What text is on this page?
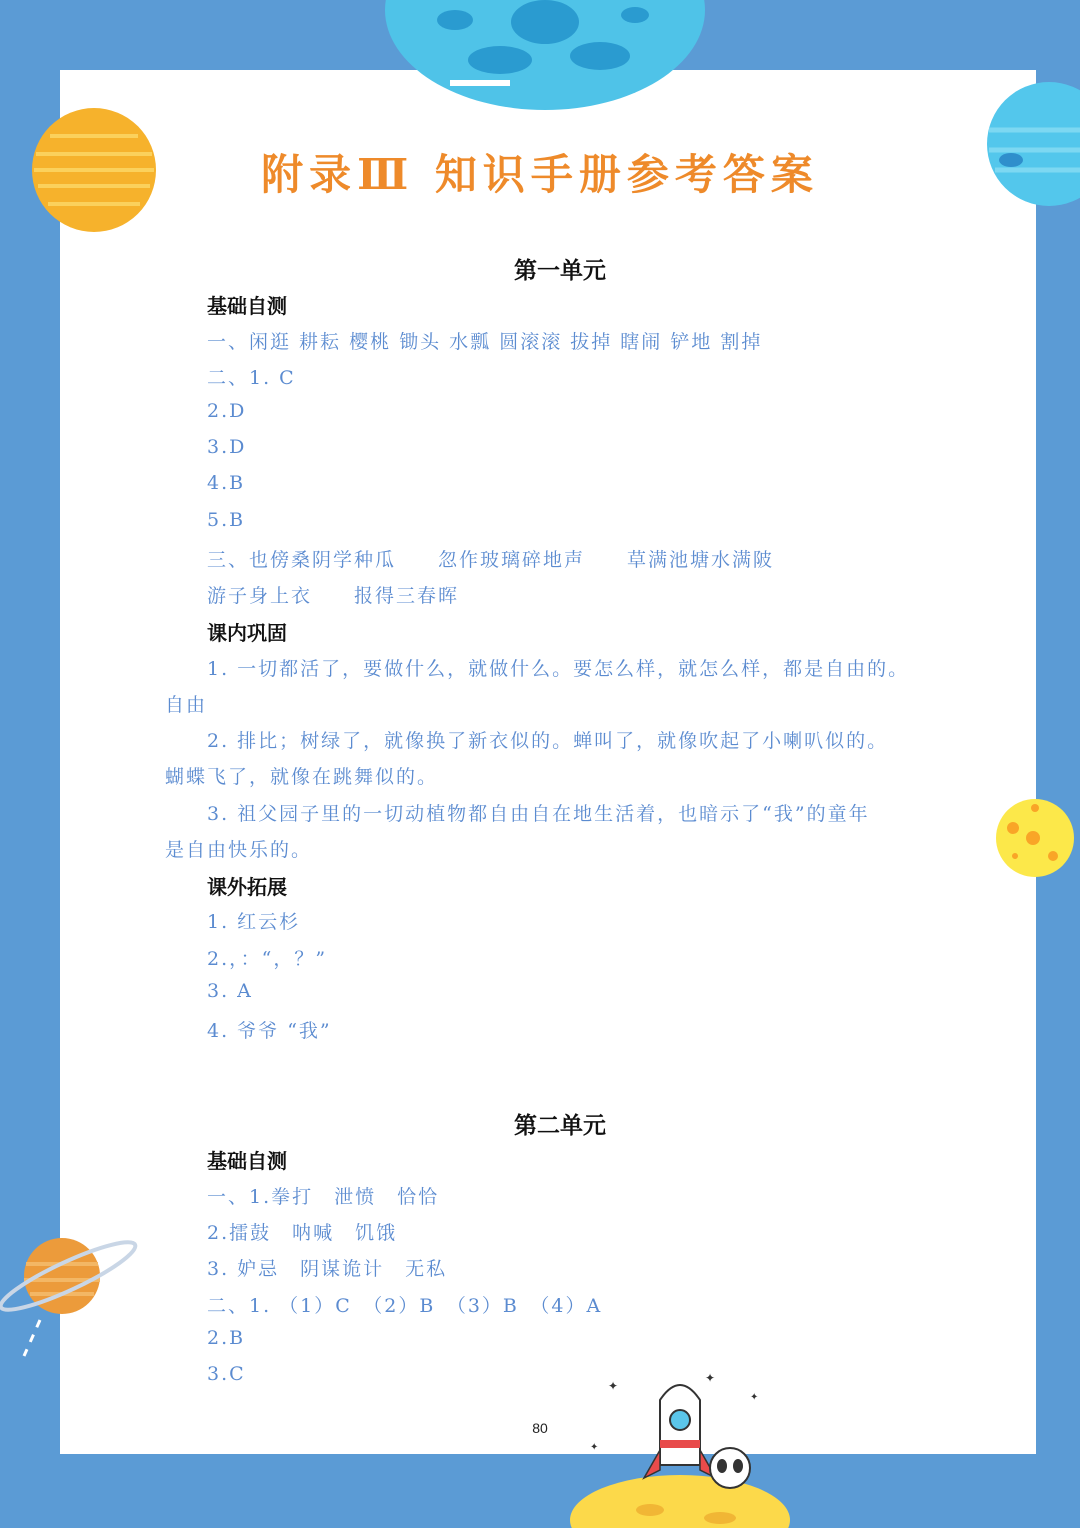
✦
✦
✦
✦
附录Ⅲ 知识手册参考答案
第一单元
基础自测
一、闲逛 耕耘 樱桃 锄头 水瓢 圆滚滚 拔掉 瞎闹 铲地 割掉
二、1. C
2.D
3.D
4.B
5.B
三、也傍桑阴学种瓜　　忽作玻璃碎地声　　草满池塘水满陂
游子身上衣　　报得三春晖
课内巩固
1. 一切都活了，要做什么，就做什么。要怎么样，就怎么样，都是自由的。
自由
2. 排比；树绿了，就像换了新衣似的。蝉叫了，就像吹起了小喇叭似的。
蝴蝶飞了，就像在跳舞似的。
3. 祖父园子里的一切动植物都自由自在地生活着，也暗示了“我”的童年
是自由快乐的。
课外拓展
1. 红云杉
2.，：“，？”
3. A
4. 爷爷 “我”
第二单元
基础自测
一、1.拳打　泄愤　恰恰
2.擂鼓　呐喊　饥饿
3. 妒忌　阴谋诡计　无私
二、1. （1）C　（2）B　（3）B　（4）A
2.B
3.C
80
